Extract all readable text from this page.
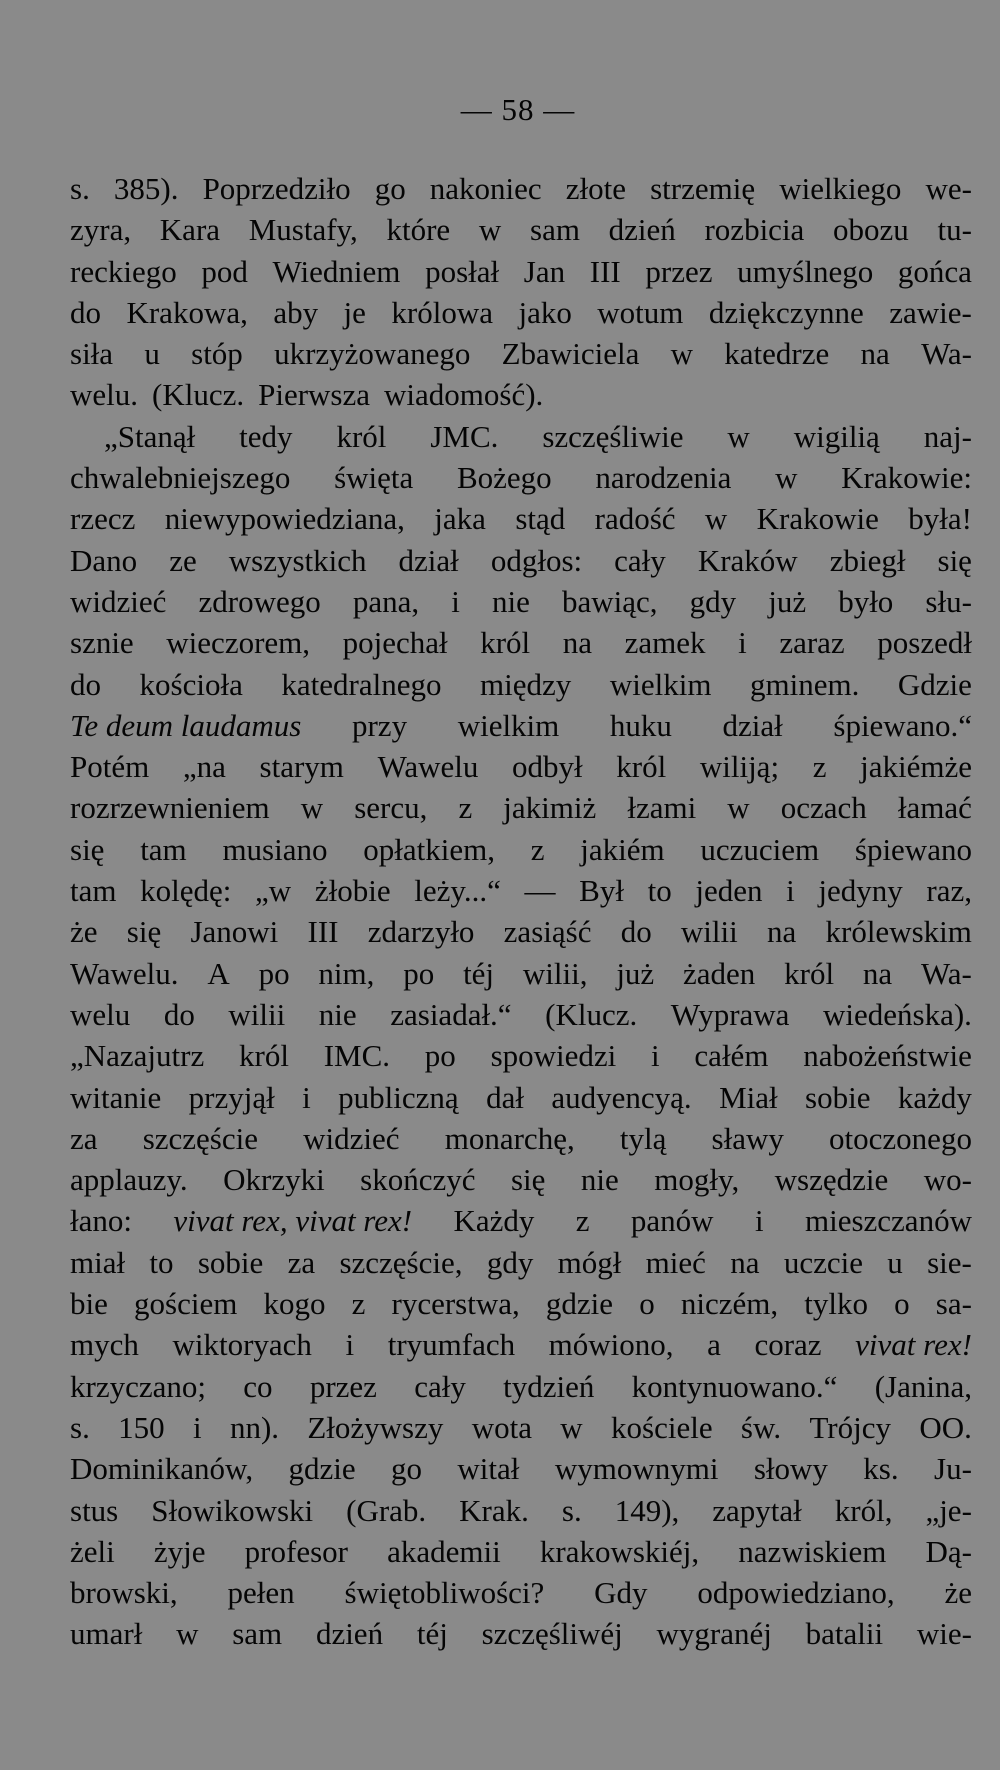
— 58 —
s. 385). Poprzedziło go nakoniec złote strzemię wielkiego we-
zyra, Kara Mustafy, które w sam dzień rozbicia obozu tu-
reckiego pod Wiedniem posłał Jan III przez umyślnego gońca
do Krakowa, aby je królowa jako wotum dziękczynne zawie-
siła u stóp ukrzyżowanego Zbawiciela w katedrze na Wa-
welu. (Klucz. Pierwsza wiadomość).
„Stanął tedy król JMC. szczęśliwie w wigilią naj-
chwalebniejszego święta Bożego narodzenia w Krakowie:
rzecz niewypowiedziana, jaka stąd radość w Krakowie była!
Dano ze wszystkich dział odgłos: cały Kraków zbiegł się
widzieć zdrowego pana, i nie bawiąc, gdy już było słu-
sznie wieczorem, pojechał król na zamek i zaraz poszedł
do kościoła katedralnego między wielkim gminem. Gdzie
Te deum laudamus przy wielkim huku dział śpiewano.“
Potém „na starym Wawelu odbył król wiliją; z jakiémże
rozrzewnieniem w sercu, z jakimiż łzami w oczach łamać
się tam musiano opłatkiem, z jakiém uczuciem śpiewano
tam kolędę: „w żłobie leży...“ — Był to jeden i jedyny raz,
że się Janowi III zdarzyło zasiąść do wilii na królewskim
Wawelu. A po nim, po téj wilii, już żaden król na Wa-
welu do wilii nie zasiadał.“ (Klucz. Wyprawa wiedeńska).
„Nazajutrz król IMC. po spowiedzi i całém nabożeństwie
witanie przyjął i publiczną dał audyencyą. Miał sobie każdy
za szczęście widzieć monarchę, tylą sławy otoczonego
applauzy. Okrzyki skończyć się nie mogły, wszędzie wo-
łano: vivat rex, vivat rex! Każdy z panów i mieszczanów
miał to sobie za szczęście, gdy mógł mieć na uczcie u sie-
bie gościem kogo z rycerstwa, gdzie o niczém, tylko o sa-
mych wiktoryach i tryumfach mówiono, a coraz vivat rex!
krzyczano; co przez cały tydzień kontynuowano.“ (Janina,
s. 150 i nn). Złożywszy wota w kościele św. Trójcy OO.
Dominikanów, gdzie go witał wymownymi słowy ks. Ju-
stus Słowikowski (Grab. Krak. s. 149), zapytał król, „je-
żeli żyje profesor akademii krakowskiéj, nazwiskiem Dą-
browski, pełen świętobliwości? Gdy odpowiedziano, że
umarł w sam dzień téj szczęśliwéj wygranéj batalii wie-
